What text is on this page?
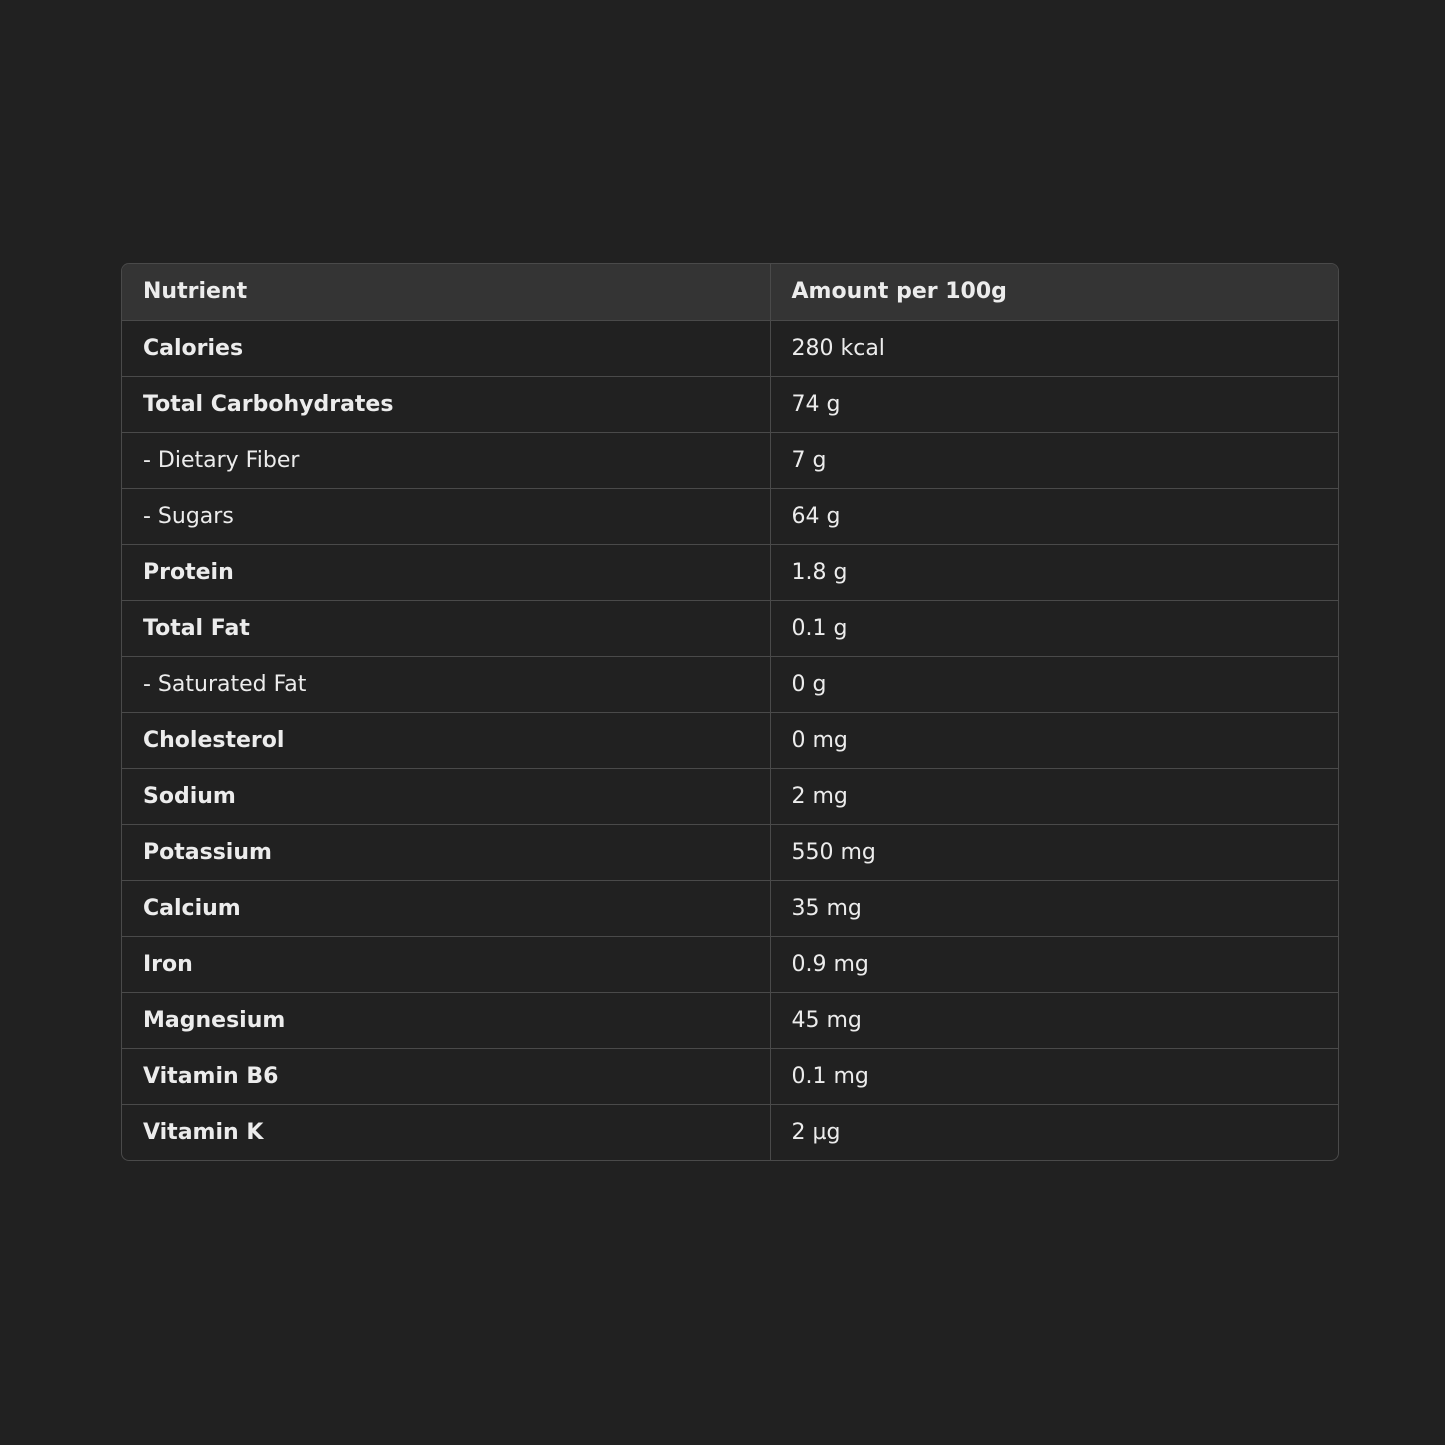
Nutrient	Amount per 100g
Calories	280 kcal
Total Carbohydrates	74 g
- Dietary Fiber	7 g
- Sugars	64 g
Protein	1.8 g
Total Fat	0.1 g
- Saturated Fat	0 g
Cholesterol	0 mg
Sodium	2 mg
Potassium	550 mg
Calcium	35 mg
Iron	0.9 mg
Magnesium	45 mg
Vitamin B6	0.1 mg
Vitamin K	2 µg
